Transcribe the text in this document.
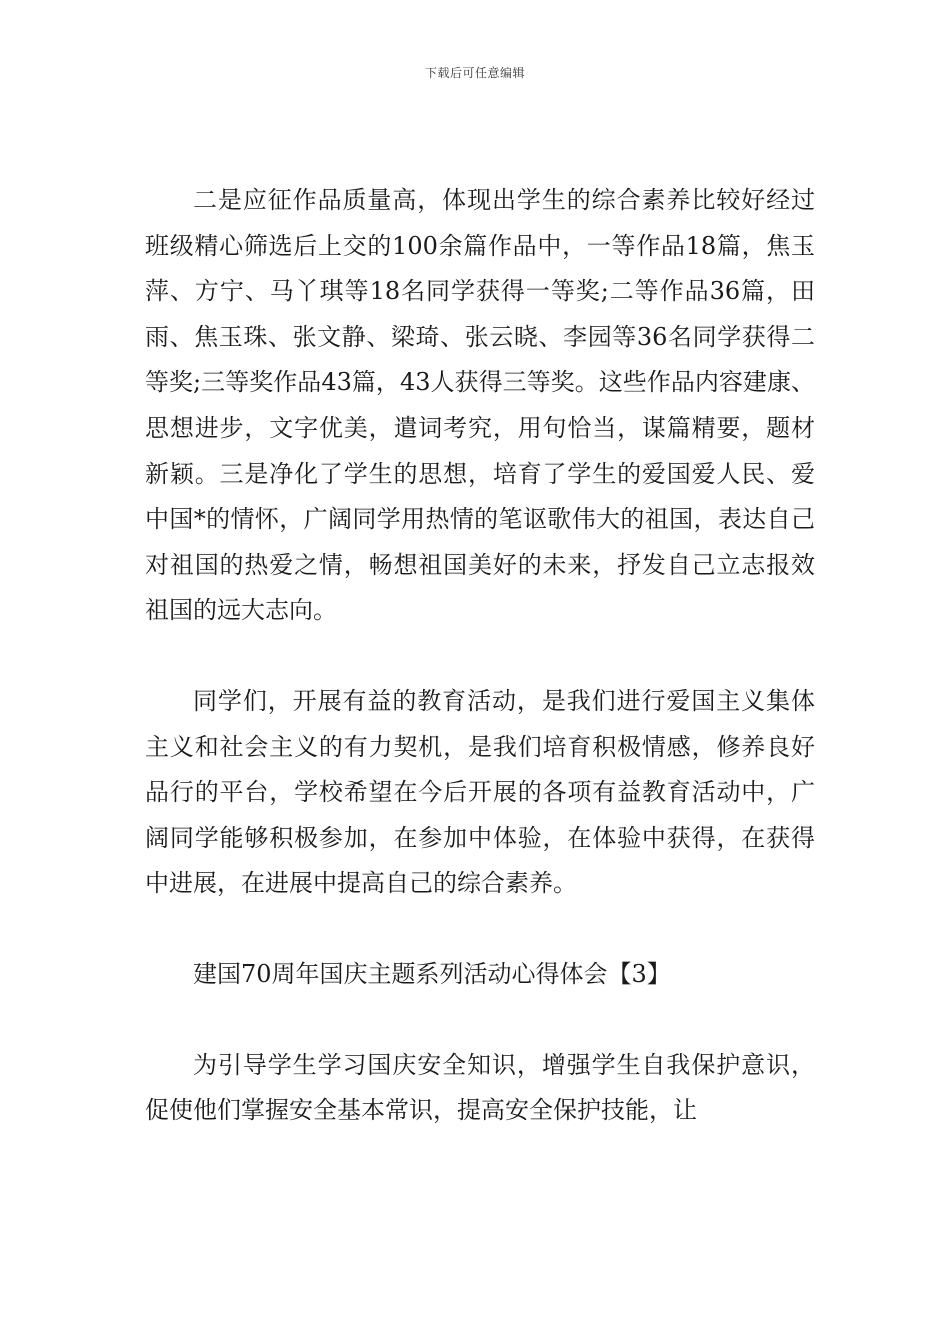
下载后可任意编辑

二是应征作品质量高，体现出学生的综合素养比较好经过班级精心筛选后上交的100余篇作品中，一等作品18篇，焦玉萍、方宁、马丫琪等18名同学获得一等奖;二等作品36篇，田雨、焦玉珠、张文静、梁琦、张云晓、李园等36名同学获得二等奖;三等奖作品43篇，43人获得三等奖。这些作品内容建康、思想进步，文字优美，遣词考究，用句恰当，谋篇精要，题材新颖。三是净化了学生的思想，培育了学生的爱国爱人民、爱中国*的情怀，广阔同学用热情的笔讴歌伟大的祖国，表达自己对祖国的热爱之情，畅想祖国美好的未来，抒发自己立志报效祖国的远大志向。

同学们，开展有益的教育活动，是我们进行爱国主义集体主义和社会主义的有力契机，是我们培育积极情感，修养良好品行的平台，学校希望在今后开展的各项有益教育活动中，广阔同学能够积极参加，在参加中体验，在体验中获得，在获得中进展，在进展中提高自己的综合素养。

建国70周年国庆主题系列活动心得体会【3】

为引导学生学习国庆安全知识，增强学生自我保护意识，促使他们掌握安全基本常识，提高安全保护技能，让
